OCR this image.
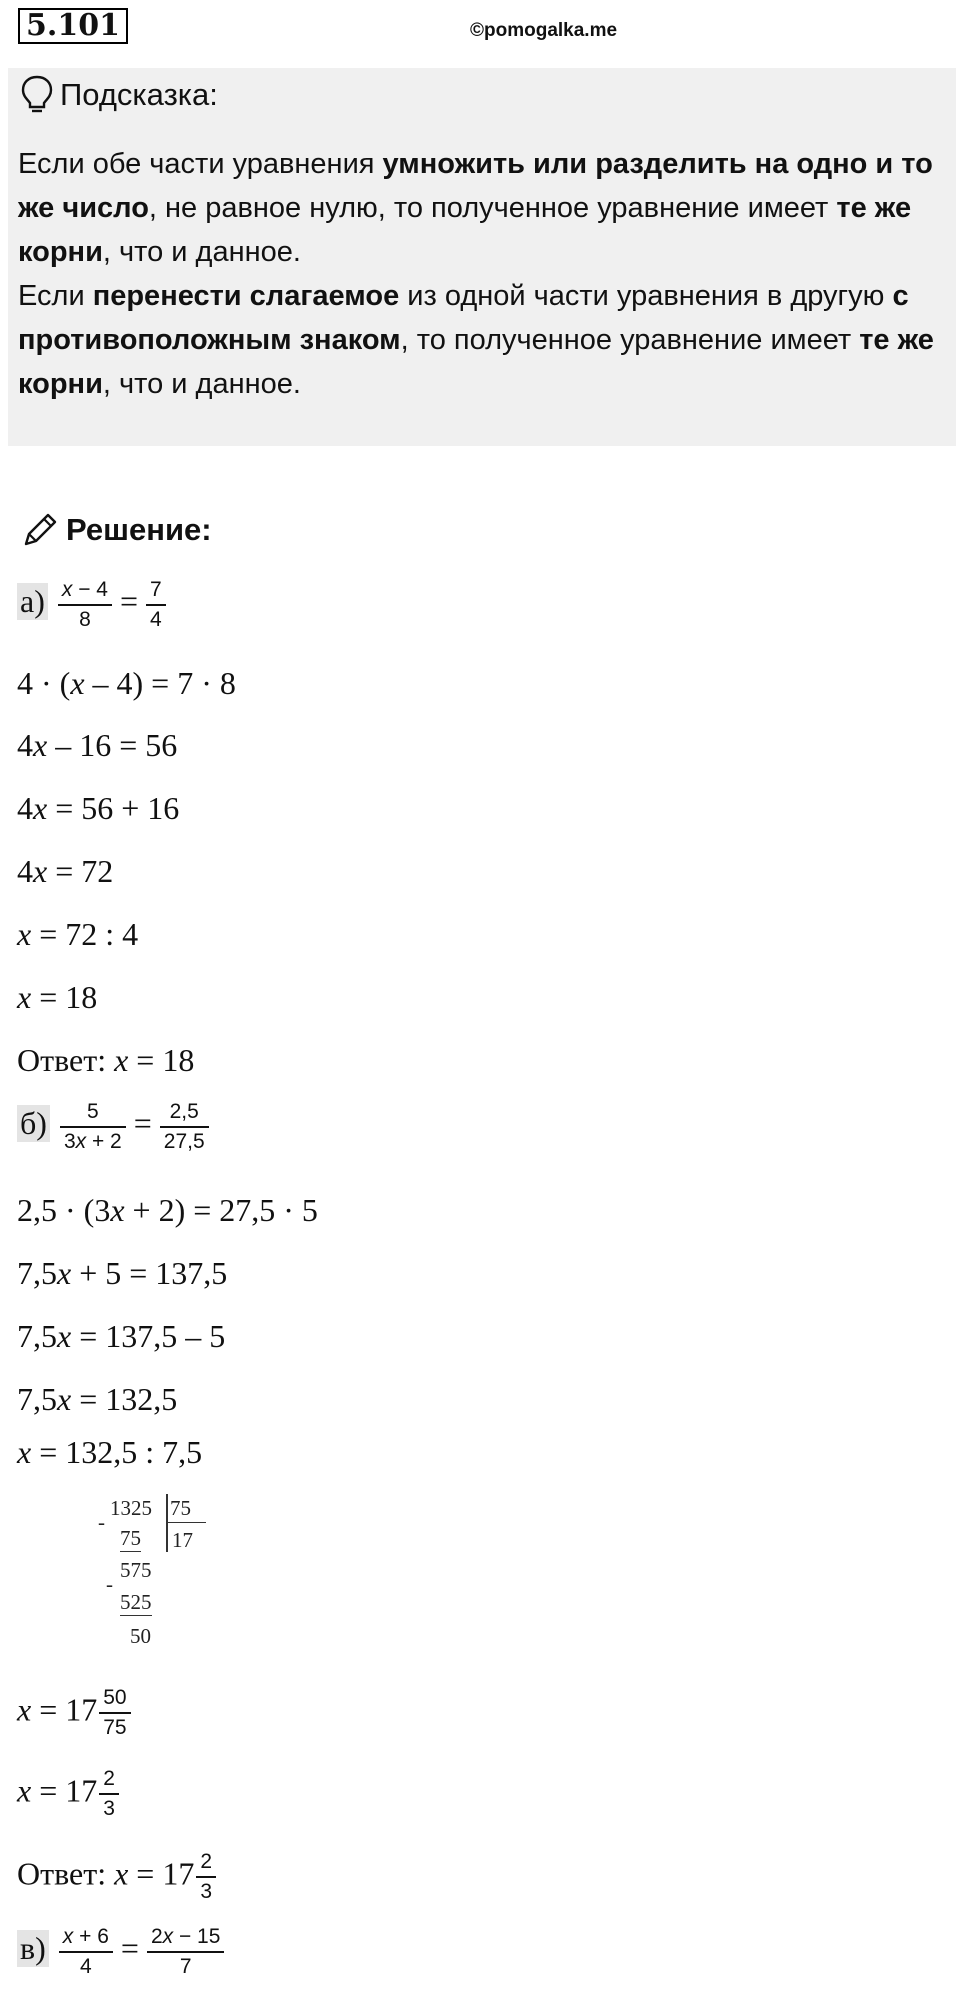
5.101	©pomogalka.me
Подсказка:
Если обе части уравнения умножить или разделить на одно и то же число, не равное нулю, то полученное уравнение имеет те же корни, что и данное.
Если перенести слагаемое из одной части уравнения в другую с противоположным знаком, то полученное уравнение имеет те же корни, что и данное.
Решение:
$а) \frac{x - 4}{8} = \frac{7}{4}$
4 · (x – 4) = 7 · 8
4x – 16 = 56
4x = 56 + 16
4x = 72
x = 72 : 4
x = 18
Ответ: x = 18
$б) \frac{5}{3x + 2} = \frac{2,5}{27,5}$
2,5 · (3x + 2) = 27,5 · 5
7,5x + 5 = 137,5
7,5x = 137,5 – 5
7,5x = 132,5
x = 132,5 : 7,5
1325 75
-
75 17
575
-
525
50
$x = 17 \frac{50}{75}$
$x = 17 \frac{2}{3}$
Ответ: $x = 17 \frac{2}{3}$
$в) \frac{x + 6}{4} = \frac{2x - 15}{7}$
